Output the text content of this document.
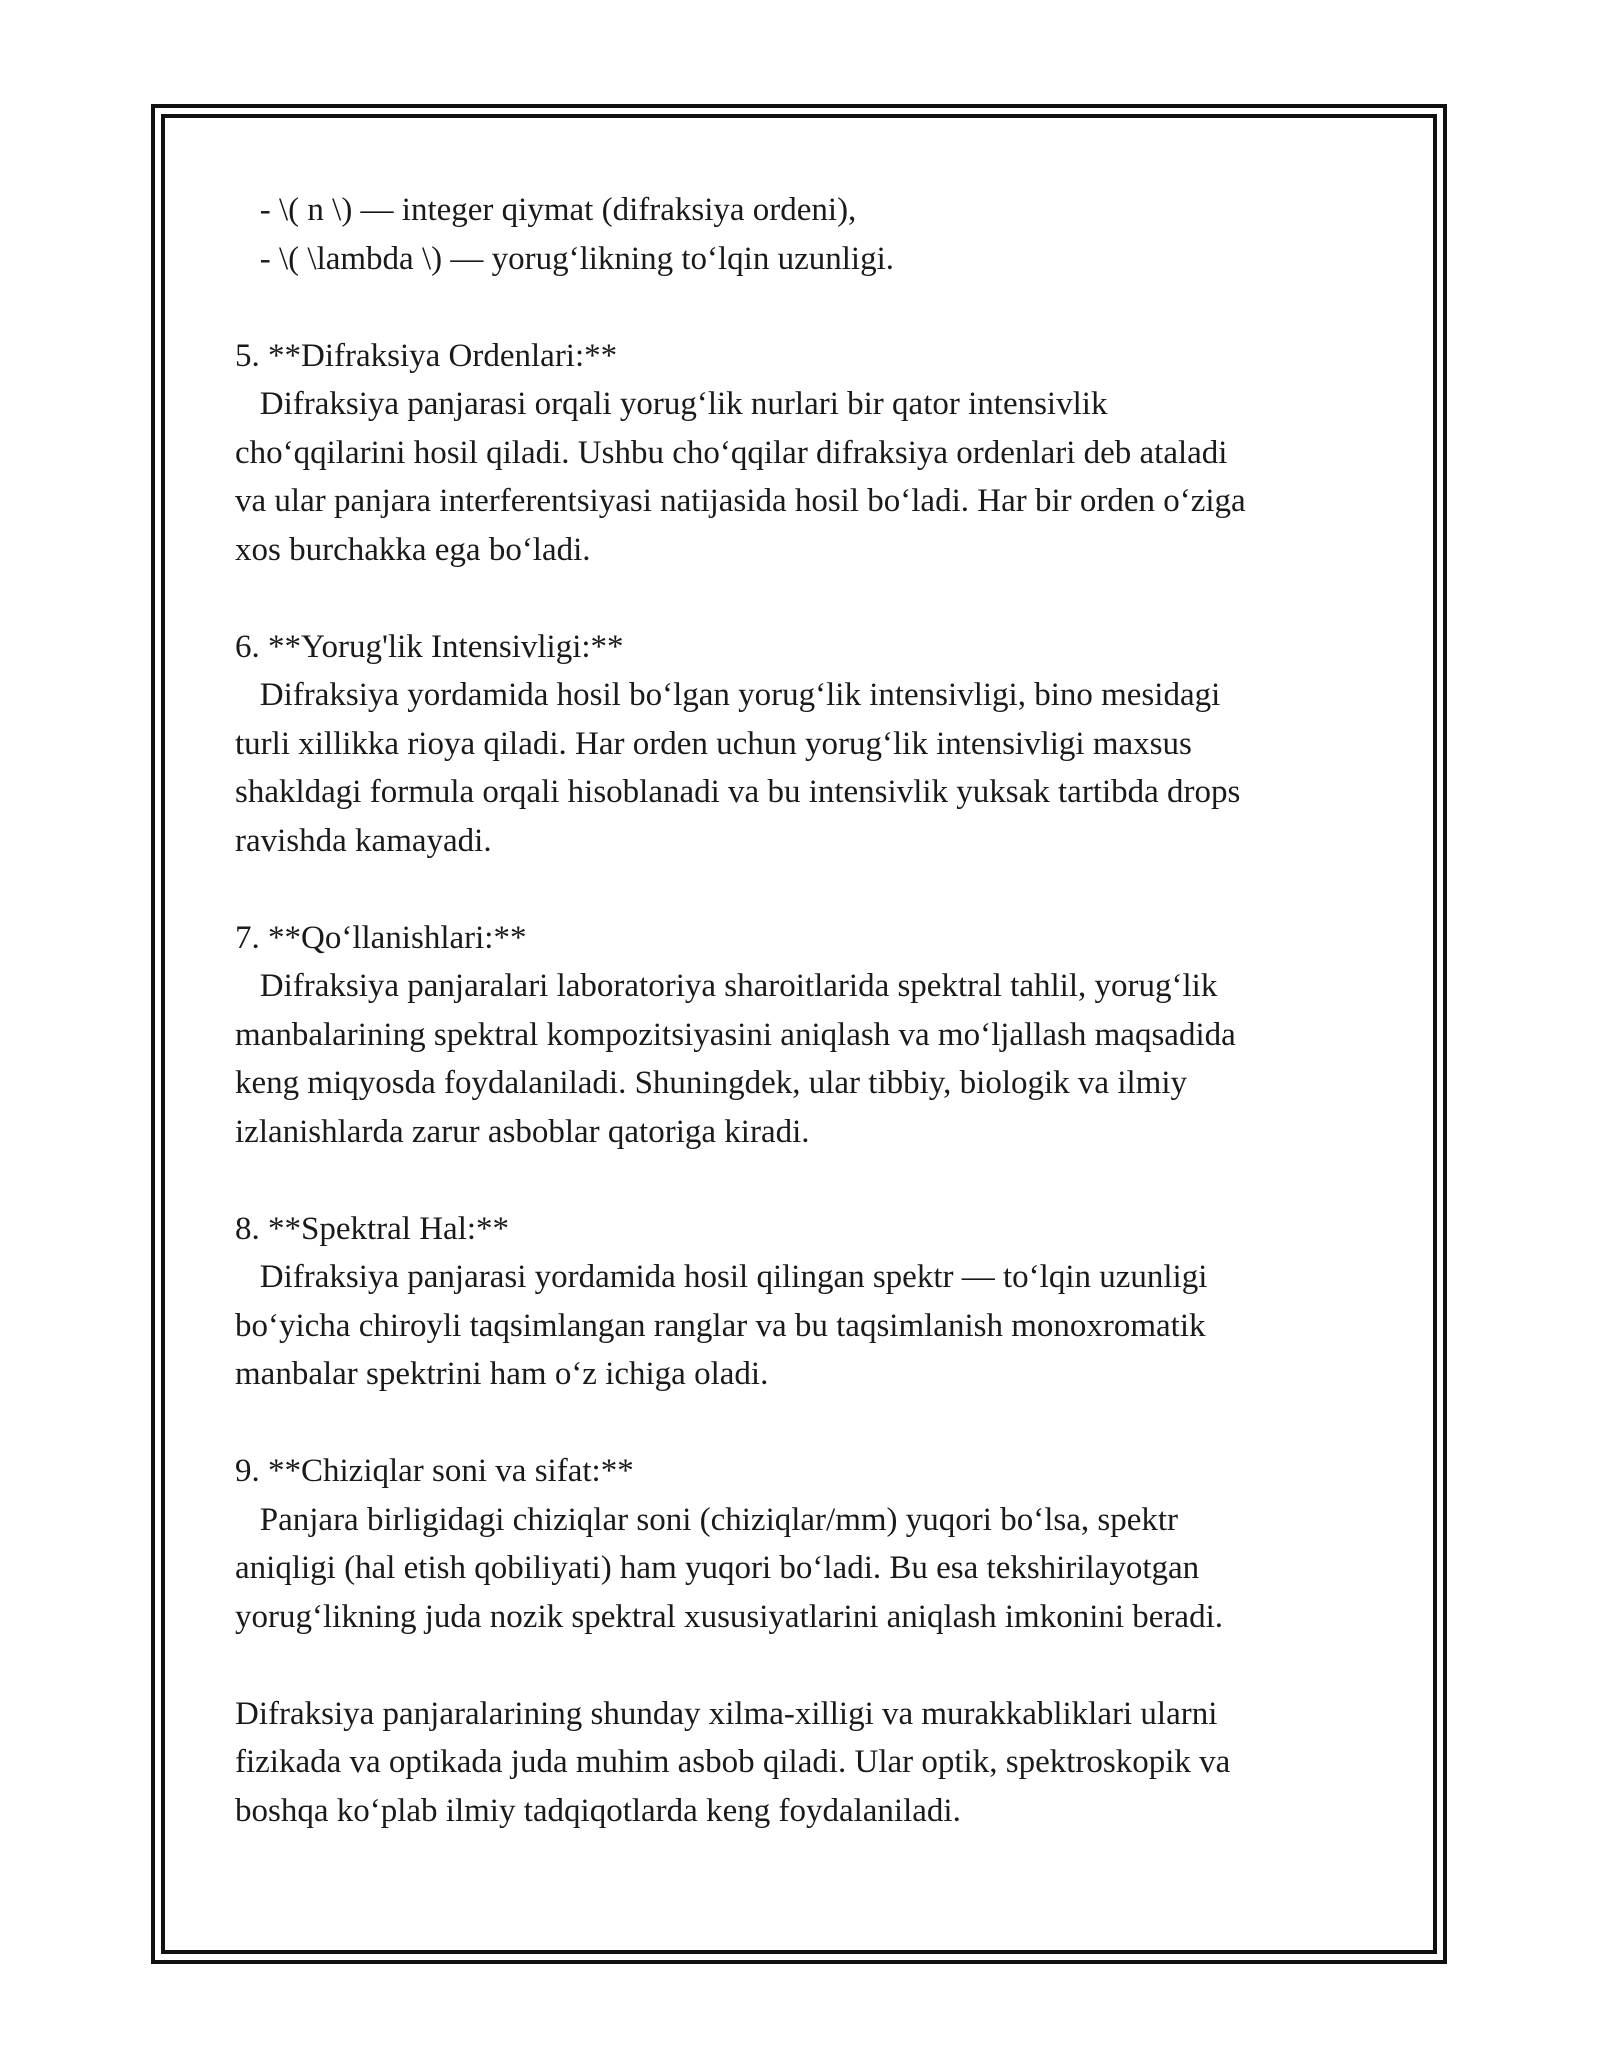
- \( n \) — integer qiymat (difraksiya ordeni),

- \( \lambda \) — yorug‘likning to‘lqin uzunligi.

5. **Difraksiya Ordenlari:**

Difraksiya panjarasi orqali yorug‘lik nurlari bir qator intensivlik

cho‘qqilarini hosil qiladi. Ushbu cho‘qqilar difraksiya ordenlari deb ataladi

va ular panjara interferentsiyasi natijasida hosil bo‘ladi. Har bir orden o‘ziga

xos burchakka ega bo‘ladi.

6. **Yorug'lik Intensivligi:**

Difraksiya yordamida hosil bo‘lgan yorug‘lik intensivligi, bino mesidagi

turli xillikka rioya qiladi. Har orden uchun yorug‘lik intensivligi maxsus

shakldagi formula orqali hisoblanadi va bu intensivlik yuksak tartibda drops

ravishda kamayadi.

7. **Qo‘llanishlari:**

Difraksiya panjaralari laboratoriya sharoitlarida spektral tahlil, yorug‘lik

manbalarining spektral kompozitsiyasini aniqlash va mo‘ljallash maqsadida

keng miqyosda foydalaniladi. Shuningdek, ular tibbiy, biologik va ilmiy

izlanishlarda zarur asboblar qatoriga kiradi.

8. **Spektral Hal:**

Difraksiya panjarasi yordamida hosil qilingan spektr — to‘lqin uzunligi

bo‘yicha chiroyli taqsimlangan ranglar va bu taqsimlanish monoxromatik

manbalar spektrini ham o‘z ichiga oladi.

9. **Chiziqlar soni va sifat:**

Panjara birligidagi chiziqlar soni (chiziqlar/mm) yuqori bo‘lsa, spektr

aniqligi (hal etish qobiliyati) ham yuqori bo‘ladi. Bu esa tekshirilayotgan

yorug‘likning juda nozik spektral xususiyatlarini aniqlash imkonini beradi.

Difraksiya panjaralarining shunday xilma-xilligi va murakkabliklari ularni

fizikada va optikada juda muhim asbob qiladi. Ular optik, spektroskopik va

boshqa ko‘plab ilmiy tadqiqotlarda keng foydalaniladi.
